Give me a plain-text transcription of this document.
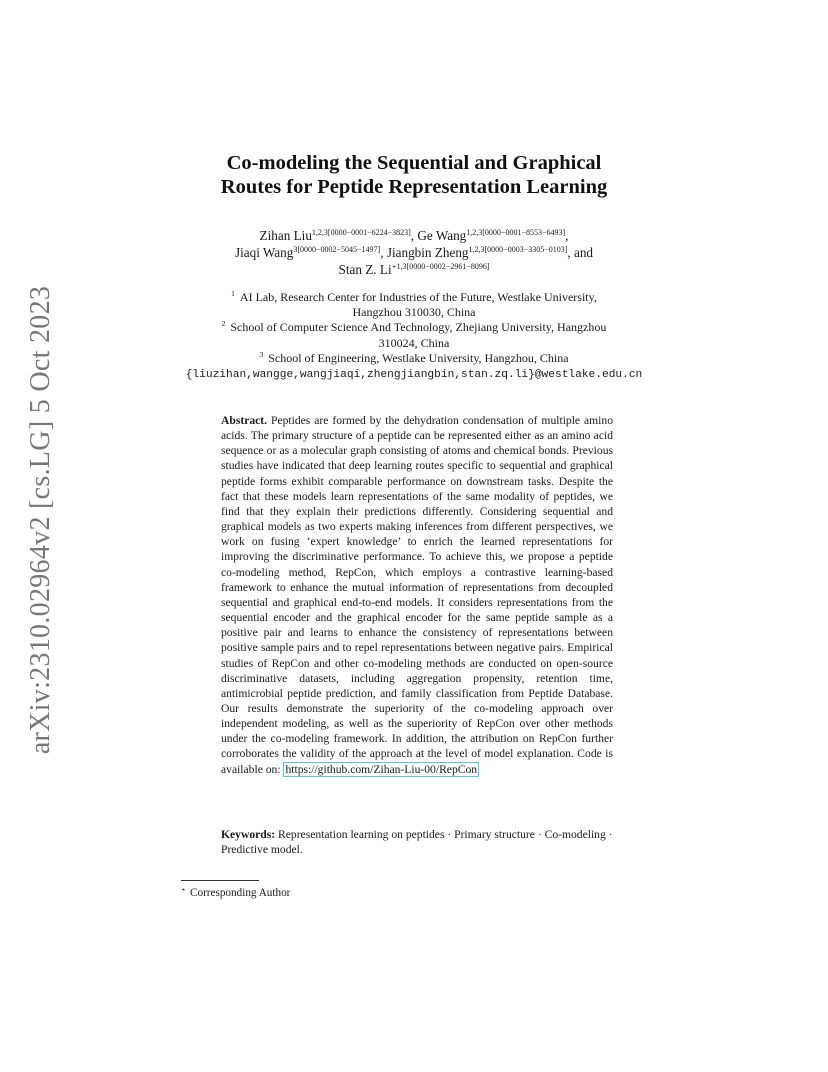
arXiv:2310.02964v2 [cs.LG] 5 Oct 2023
Co-modeling the Sequential and Graphical
Routes for Peptide Representation Learning
Zihan Liu$^{1,2,3[0000-0001-6224-3823]}$, Ge Wang$^{1,2,3[0000-0001-8553-6493]}$,
Jiaqi Wang$^{3[0000-0002-5045-1497]}$, Jiangbin Zheng$^{1,2,3[0000-0003-3305-0103]}$, and
Stan Z. $Li^{⋆1,3[0000-0002-2961-8096]}$
$^1$ AI Lab, Research Center for Industries of the Future, Westlake University,
Hangzhou 310030, China
$^2$ School of Computer Science And Technology, Zhejiang University, Hangzhou
310024, China
$^3$ School of Engineering, Westlake University, Hangzhou, China
{liuzihan,wangge,wangjiaqi,zhengjiangbin,stan.zq.li}@westlake.edu.cn
Abstract. Peptides are formed by the dehydration condensation of multiple amino acids. The primary structure of a peptide can be represented either as an amino acid sequence or as a molecular graph consisting of atoms and chemical bonds. Previous studies have indicated that deep learning routes specific to sequential and graphical peptide forms exhibit comparable performance on downstream tasks. Despite the fact that these models learn representations of the same modality of peptides, we find that they explain their predictions differently. Considering sequential and graphical models as two experts making inferences from different perspectives, we work on fusing ‘expert knowledge’ to enrich the learned representations for improving the discriminative performance. To achieve this, we propose a peptide co-modeling method, RepCon, which employs a contrastive learning-based framework to enhance the mutual information of representations from decoupled sequential and graphical end-to-end models. It considers representations from the sequential encoder and the graphical encoder for the same peptide sample as a positive pair and learns to enhance the consistency of representations between positive sample pairs and to repel representations between negative pairs. Empirical studies of RepCon and other co-modeling methods are conducted on open-source discriminative datasets, including aggregation propensity, retention time, antimicrobial peptide prediction, and family classification from Peptide Database. Our results demonstrate the superiority of the co-modeling approach over independent modeling, as well as the superiority of RepCon over other methods under the co-modeling framework. In addition, the attribution on RepCon further corroborates the validity of the approach at the level of model explanation. Code is available on: https://github.com/Zihan-Liu-00/RepCon
Keywords: Representation learning on peptides · Primary structure · Co-modeling · Predictive model.
⋆ Corresponding Author
